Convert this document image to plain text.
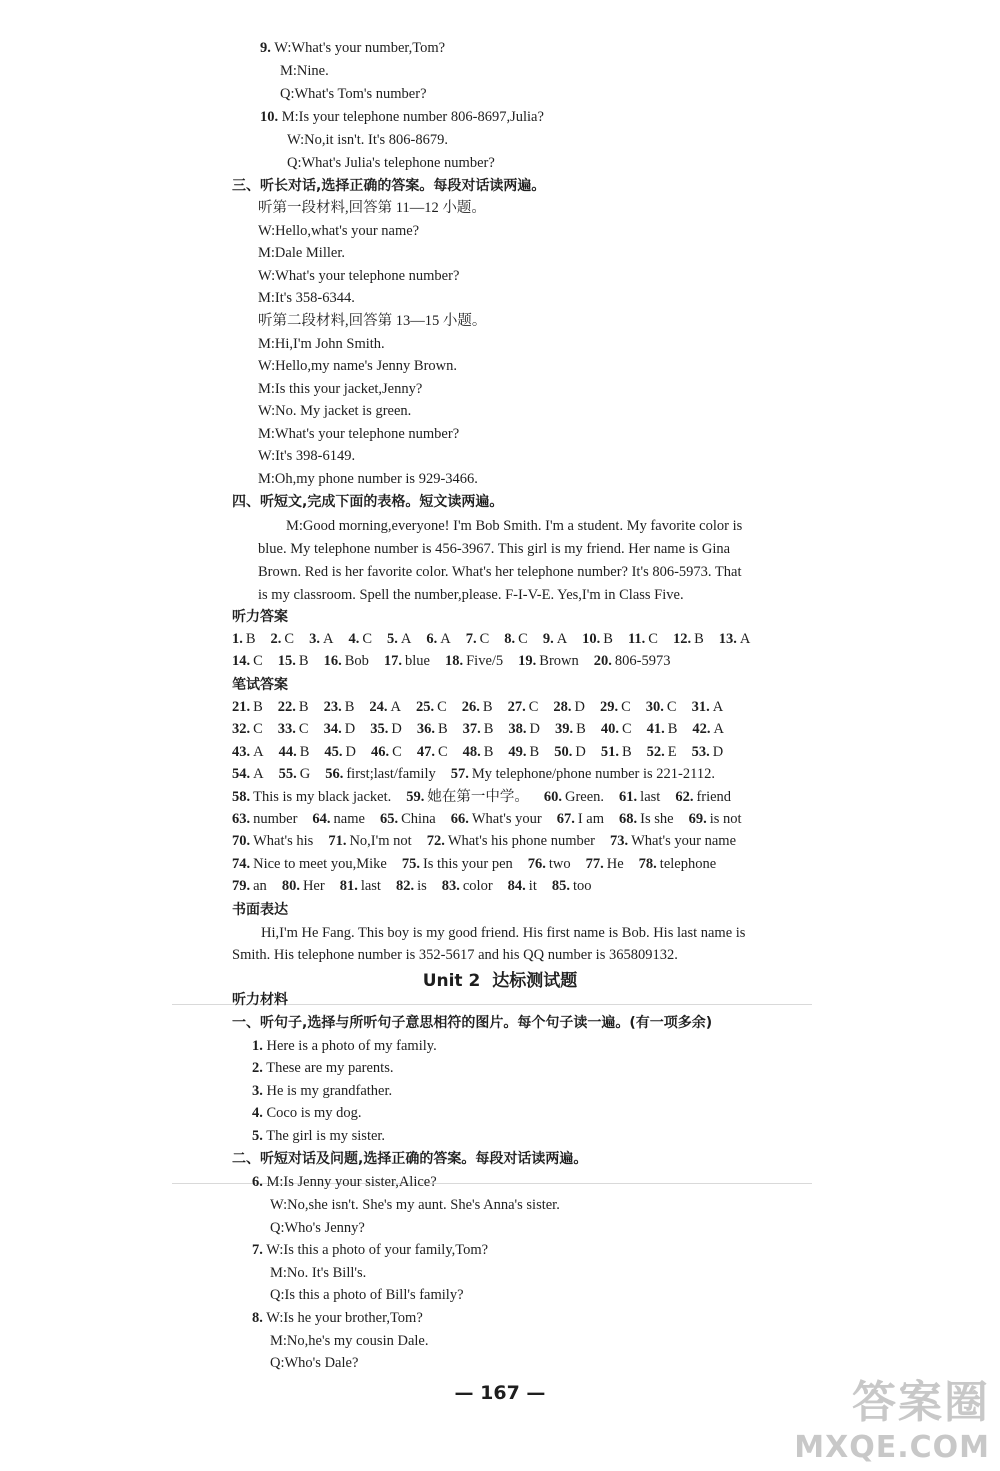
9. W:What's your number,Tom?
M:Nine.
Q:What's Tom's number?
10. M:Is your telephone number 806-8697,Julia?
W:No,it isn't. It's 806-8679.
Q:What's Julia's telephone number?
三、听长对话,选择正确的答案。每段对话读两遍。
听第一段材料,回答第 11—12 小题。
W:Hello,what's your name?
M:Dale Miller.
W:What's your telephone number?
M:It's 358-6344.
听第二段材料,回答第 13—15 小题。
M:Hi,I'm John Smith.
W:Hello,my name's Jenny Brown.
M:Is this your jacket,Jenny?
W:No. My jacket is green.
M:What's your telephone number?
W:It's 398-6149.
M:Oh,my phone number is 929-3466.
四、听短文,完成下面的表格。短文读两遍。
M:Good morning,everyone! I'm Bob Smith. I'm a student. My favorite color is
blue. My telephone number is 456-3967. This girl is my friend. Her name is Gina
Brown. Red is her favorite color. What's her telephone number? It's 806-5973. That
is my classroom. Spell the number,please. F-I-V-E. Yes,I'm in Class Five.
听力答案
1. B 2. C 3. A 4. C 5. A 6. A 7. C 8. C 9. A 10. B 11. C 12. B 13. A
14. C 15. B 16. Bob 17. blue 18. Five/5 19. Brown 20. 806-5973
笔试答案
21. B 22. B 23. B 24. A 25. C 26. B 27. C 28. D 29. C 30. C 31. A
32. C 33. C 34. D 35. D 36. B 37. B 38. D 39. B 40. C 41. B 42. A
43. A 44. B 45. D 46. C 47. C 48. B 49. B 50. D 51. B 52. E 53. D
54. A 55. G 56. first;last/family 57. My telephone/phone number is 221-2112.
58. This is my black jacket. 59. 她在第一中学。 60. Green. 61. last 62. friend
63. number 64. name 65. China 66. What's your 67. I am 68. Is she 69. is not
70. What's his 71. No,I'm not 72. What's his phone number 73. What's your name
74. Nice to meet you,Mike 75. Is this your pen 76. two 77. He 78. telephone
79. an 80. Her 81. last 82. is 83. color 84. it 85. too
书面表达
Hi,I'm He Fang. This boy is my good friend. His first name is Bob. His last name is
Smith. His telephone number is 352-5617 and his QQ number is 365809132.
Unit 2 达标测试题
听力材料
一、听句子,选择与所听句子意思相符的图片。每个句子读一遍。(有一项多余)
1. Here is a photo of my family.
2. These are my parents.
3. He is my grandfather.
4. Coco is my dog.
5. The girl is my sister.
二、听短对话及问题,选择正确的答案。每段对话读两遍。
6. M:Is Jenny your sister,Alice?
W:No,she isn't. She's my aunt. She's Anna's sister.
Q:Who's Jenny?
7. W:Is this a photo of your family,Tom?
M:No. It's Bill's.
Q:Is this a photo of Bill's family?
8. W:Is he your brother,Tom?
M:No,he's my cousin Dale.
Q:Who's Dale?
— 167 —	答案圈
MXQE.COM
